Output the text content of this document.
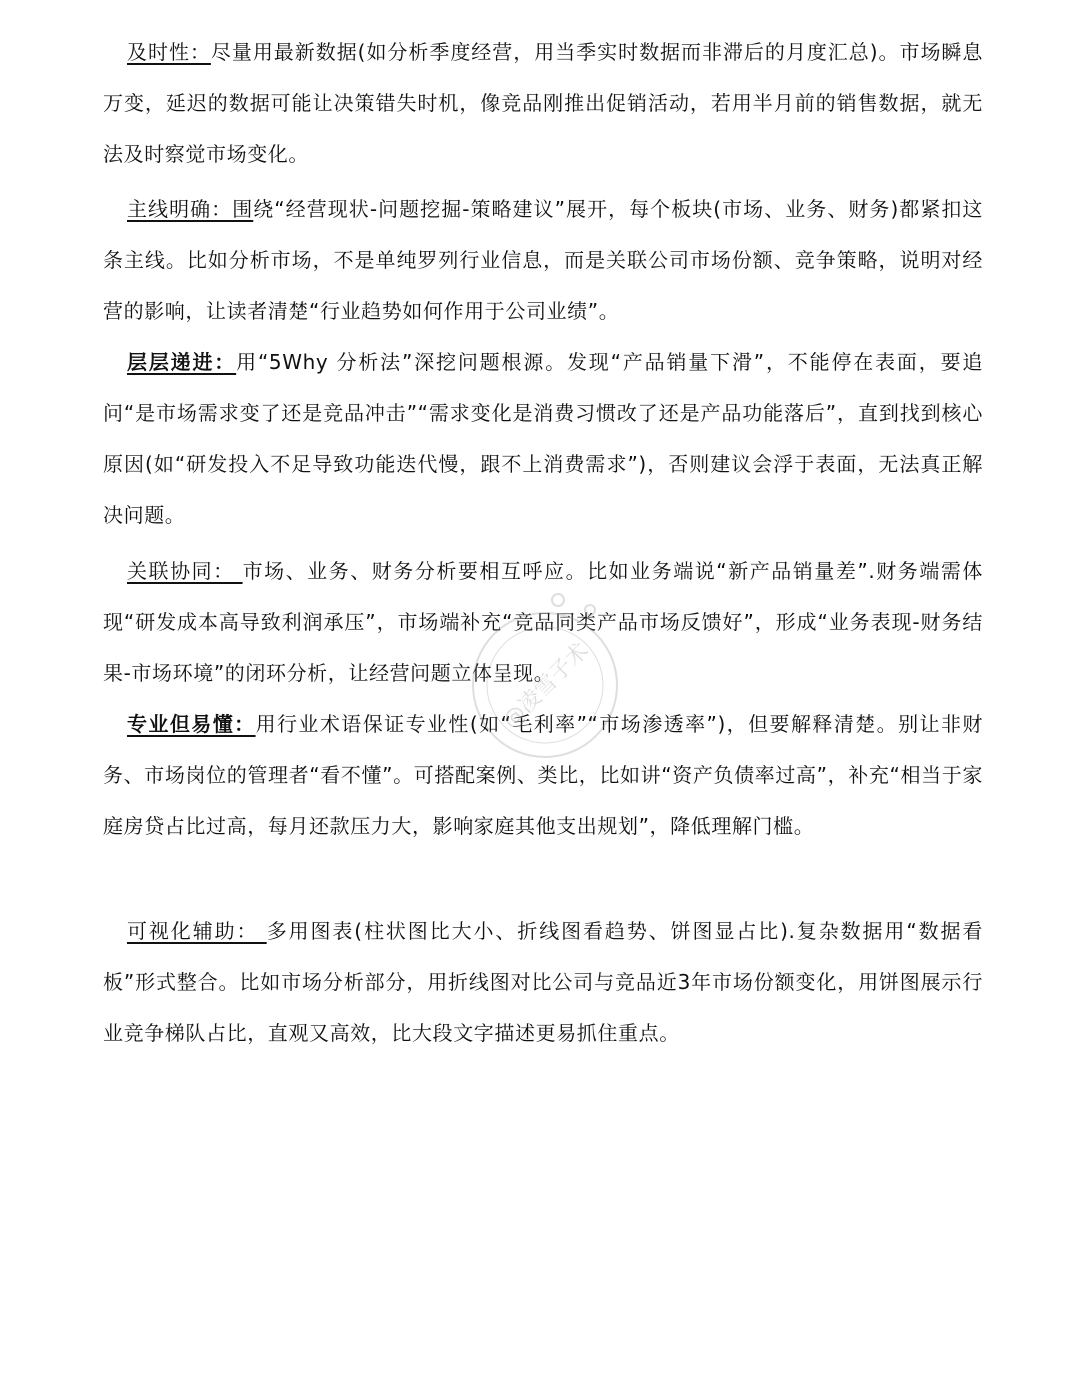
及时性：尽量用最新数据(如分析季度经营，用当季实时数据而非滞后的月度汇总)。市场瞬息万变，延迟的数据可能让决策错失时机，像竞品刚推出促销活动，若用半月前的销售数据，就无法及时察觉市场变化。

主线明确：围绕“经营现状-问题挖掘-策略建议”展开，每个板块(市场、业务、财务)都紧扣这条主线。比如分析市场，不是单纯罗列行业信息，而是关联公司市场份额、竞争策略，说明对经营的影响，让读者清楚“行业趋势如何作用于公司业绩”。

层层递进：用“5Why 分析法”深挖问题根源。发现“产品销量下滑”，不能停在表面，要追问“是市场需求变了还是竞品冲击”“需求变化是消费习惯改了还是产品功能落后”，直到找到核心原因(如“研发投入不足导致功能迭代慢，跟不上消费需求”)，否则建议会浮于表面，无法真正解决问题。

关联协同： 市场、业务、财务分析要相互呼应。比如业务端说“新产品销量差”.财务端需体现“研发成本高导致利润承压”，市场端补充“竞品同类产品市场反馈好”，形成“业务表现-财务结果-市场环境”的闭环分析，让经营问题立体呈现。

专业但易懂：用行业术语保证专业性(如“毛利率”“市场渗透率”)，但要解释清楚。别让非财务、市场岗位的管理者“看不懂”。可搭配案例、类比，比如讲“资产负债率过高”，补充“相当于家庭房贷占比过高，每月还款压力大，影响家庭其他支出规划”，降低理解门槛。

可视化辅助： 多用图表(柱状图比大小、折线图看趋势、饼图显占比).复杂数据用“数据看板”形式整合。比如市场分析部分，用折线图对比公司与竞品近3年市场份额变化，用饼图展示行业竞争梯队占比，直观又高效，比大段文字描述更易抓住重点。

@凌雪子术
